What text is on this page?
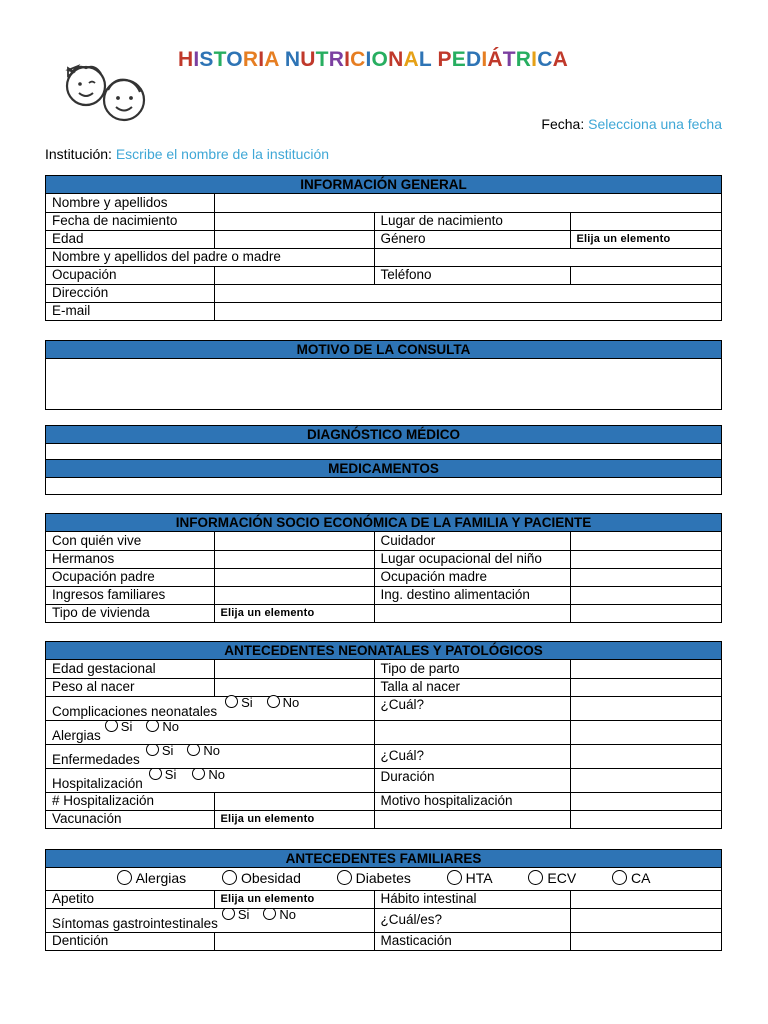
HISTORIA NUTRICIONAL PEDIÁTRICA
Fecha: Selecciona una fecha
Institución: Escribe el nombre de la institución
INFORMACIÓN GENERAL
Nombre y apellidos			
Fecha de nacimiento		Lugar de nacimiento	
Edad		Género	Elija un elemento
Nombre y apellidos del padre o madre			
Ocupación		Teléfono	
Dirección			
E-mail			
MOTIVO DE LA CONSULTA
DIAGNÓSTICO MÉDICO
MEDICAMENTOS
INFORMACIÓN SOCIO ECONÓMICA DE LA FAMILIA Y PACIENTE
Con quién vive		Cuidador	
Hermanos		Lugar ocupacional del niño	
Ocupación padre		Ocupación madre	
Ingresos familiares		Ing. destino alimentación	
Tipo de vivienda	Elija un elemento		
ANTECEDENTES NEONATALES Y PATOLÓGICOS
Edad gestacional		Tipo de parto	
Peso al nacer		Talla al nacer	
Complicaciones neonatalesSi No		¿Cuál?	
AlergiasSi No			
EnfermedadesSi No		¿Cuál?	
HospitalizaciónSi No		Duración	
# Hospitalización		Motivo hospitalización	
Vacunación	Elija un elemento		
ANTECEDENTES FAMILIARES
Alergias Obesidad Diabetes HTA ECV CA			
Apetito	Elija un elemento	Hábito intestinal	
Síntomas gastrointestinalesSi No		¿Cuál/es?	
Dentición		Masticación	
